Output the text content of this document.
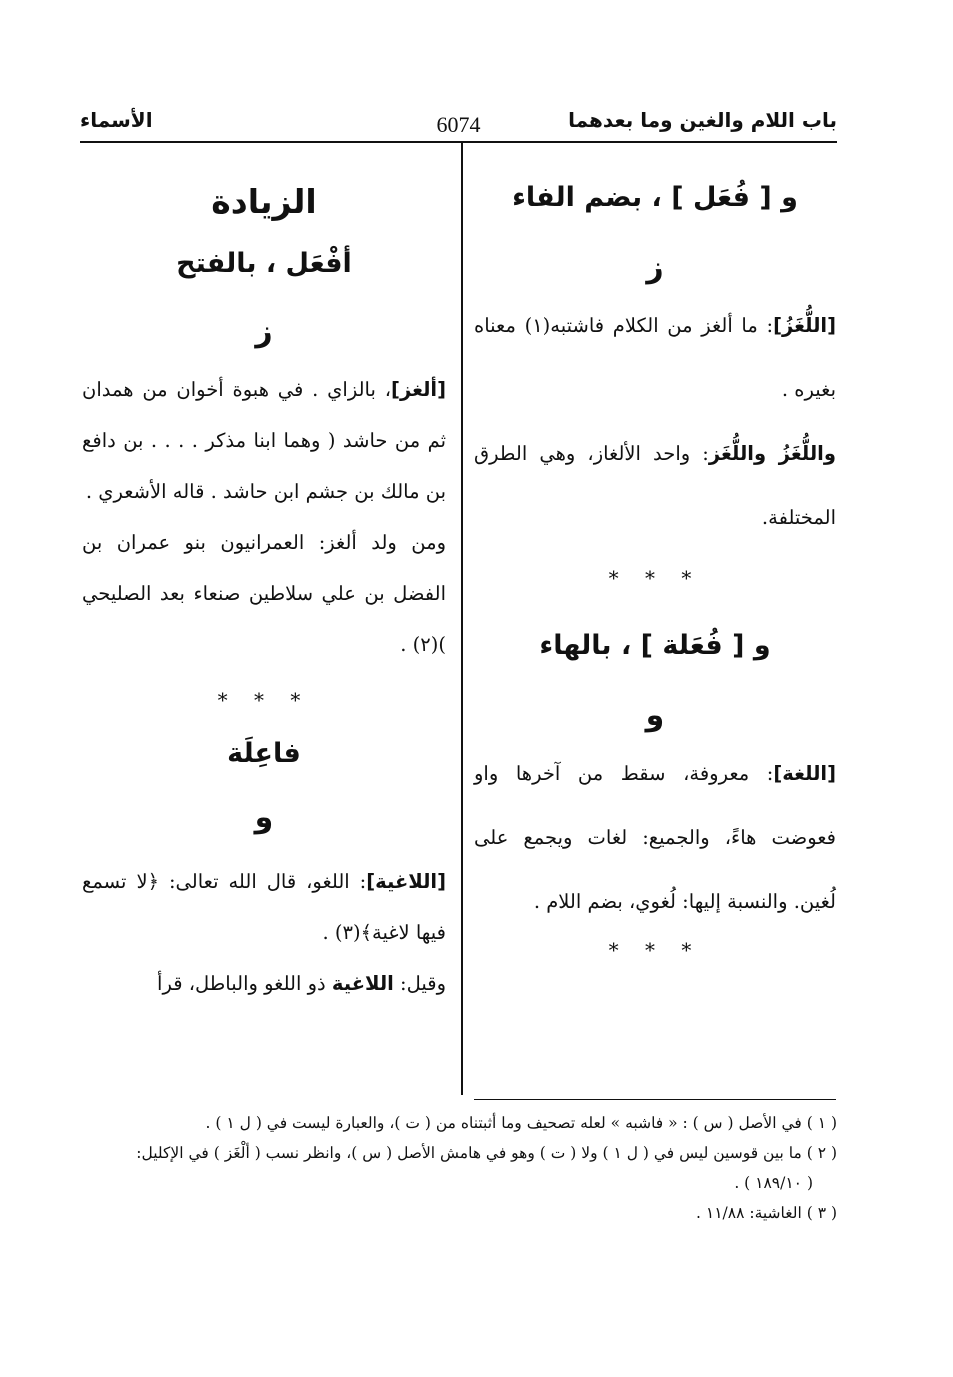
باب اللام والغين وما بعدهما
6074
الأسماء
و [ فُعَل ] ، بضم الفاء
ز
[اللُّغَزُ]: ما ألغز من الكلام فاشتبه(١) معناه بغيره .
واللُّغَزُ واللُّغَز: واحد الألغاز، وهي الطرق المختلفة.
* * *
و [ فُعَلة ] ، بالهاء
و
[اللغة]: معروفة، سقط من آخرها واو فعوضت هاءً، والجميع: لغات ويجمع على لُغين. والنسبة إليها: لُغوي، بضم اللام .
* * *
الزيادة
أفْعَل ، بالفتح
ز
[ألغز]، بالزاي . في هبوة أخوان من همدان ثم من حاشد ( وهما ابنا مذكر . . . . بن دافع بن مالك بن جشم ابن حاشد . قاله الأشعري .
ومن ولد ألغز: العمرانيون بنو عمران بن الفضل بن علي سلاطين صنعاء بعد الصليحي )(٢) .
* * *
فاعِلَة
و
[اللاغية]: اللغو، قال الله تعالى: ﴿لا تسمع فيها لاغية﴾(٣) .
وقيل: اللاغية ذو اللغو والباطل، قرأ
( ١ ) في الأصل ( س ) : « فاشبه » لعله تصحيف وما أثبتناه من ( ت )، والعبارة ليست في ( ل ١ ) .
( ٢ ) ما بين قوسين ليس في ( ل ١ ) ولا ( ت ) وهو في هامش الأصل ( س )، وانظر نسب ( ألْغَز ) في الإكليل:
( ١٨٩/١٠ ) .
( ٣ ) الغاشية: ١١/٨٨ .
